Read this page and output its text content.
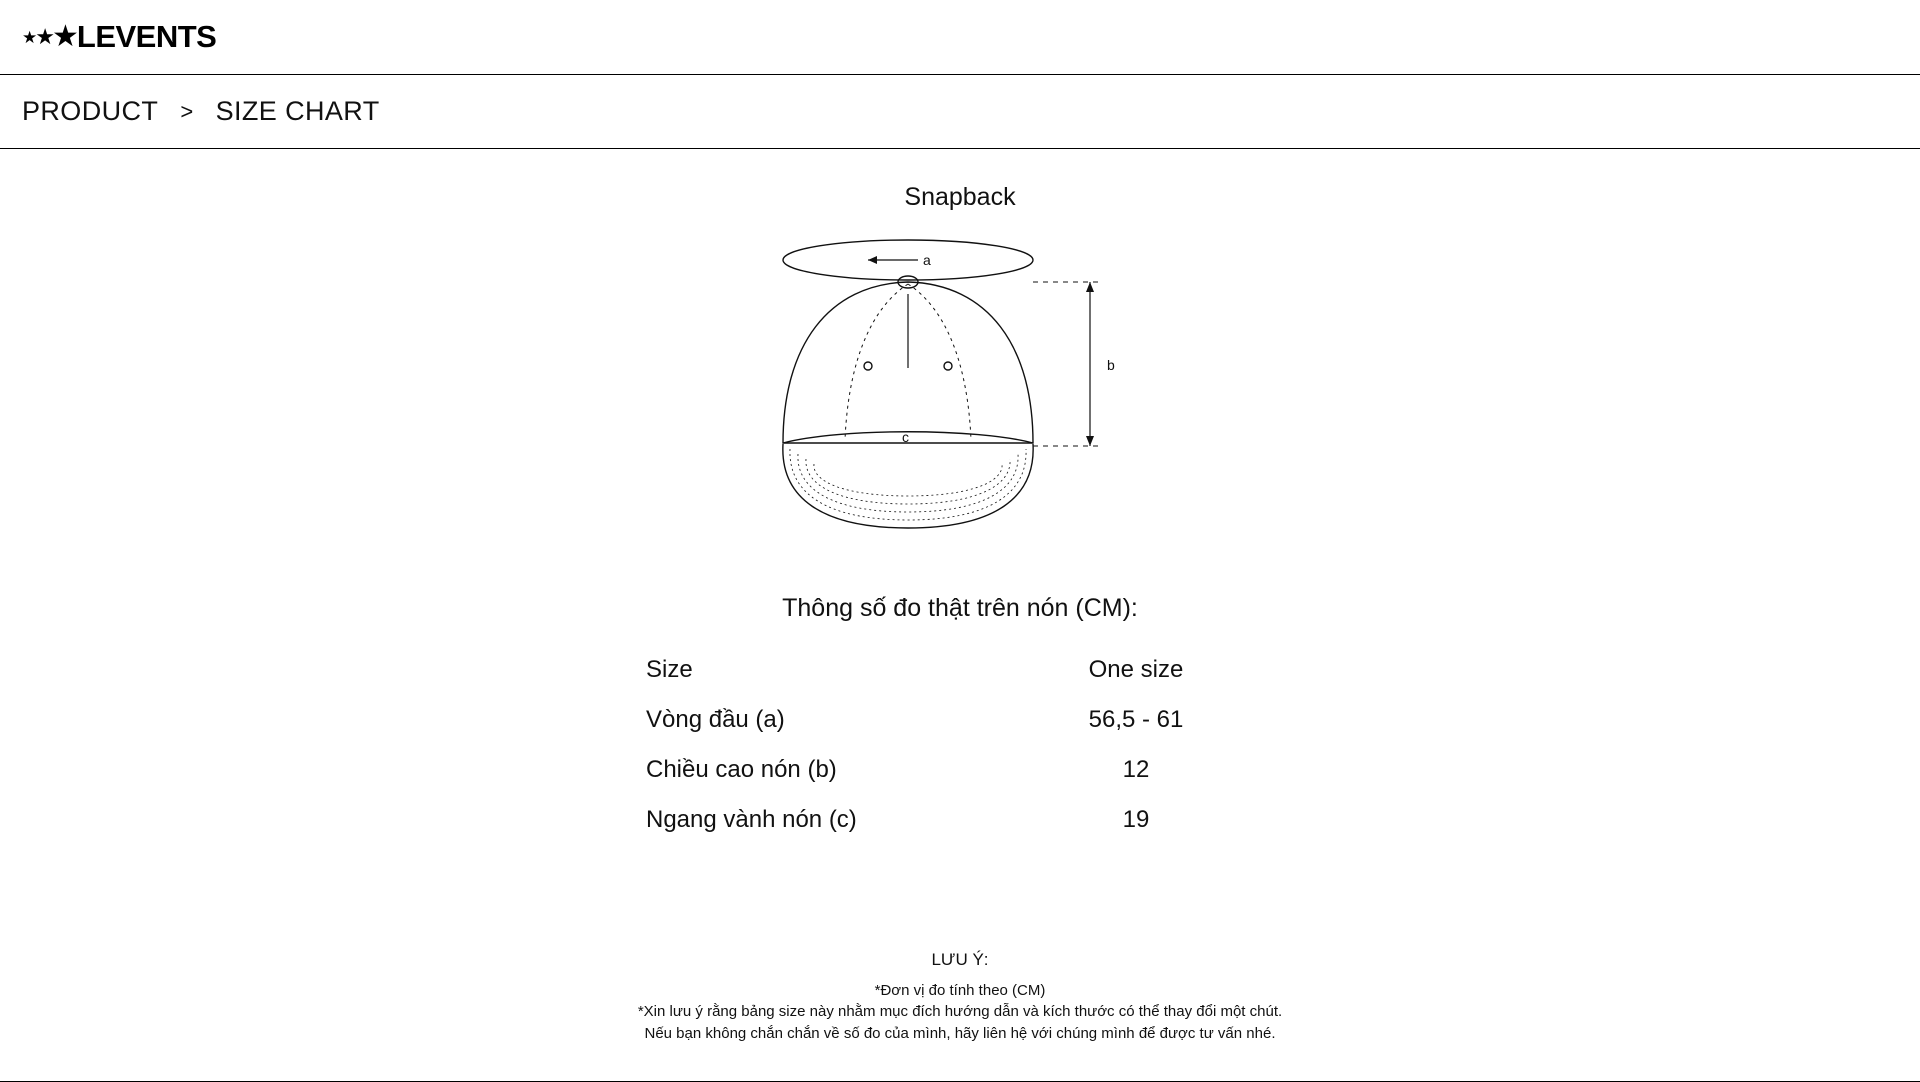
★
★
★
LEVENTS
PRODUCT > SIZE CHART
Snapback
a
b
c
Thông số đo thật trên nón (CM):
Size	One size
Vòng đầu (a)	56,5 - 61
Chiều cao nón (b)	12
Ngang vành nón (c)	19
LƯU Ý:
*Đơn vị đo tính theo (CM)
*Xin lưu ý rằng bảng size này nhằm mục đích hướng dẫn và kích thước có thể thay đổi một chút.
Nếu bạn không chắn chắn về số đo của mình, hãy liên hệ với chúng mình để được tư vấn nhé.
